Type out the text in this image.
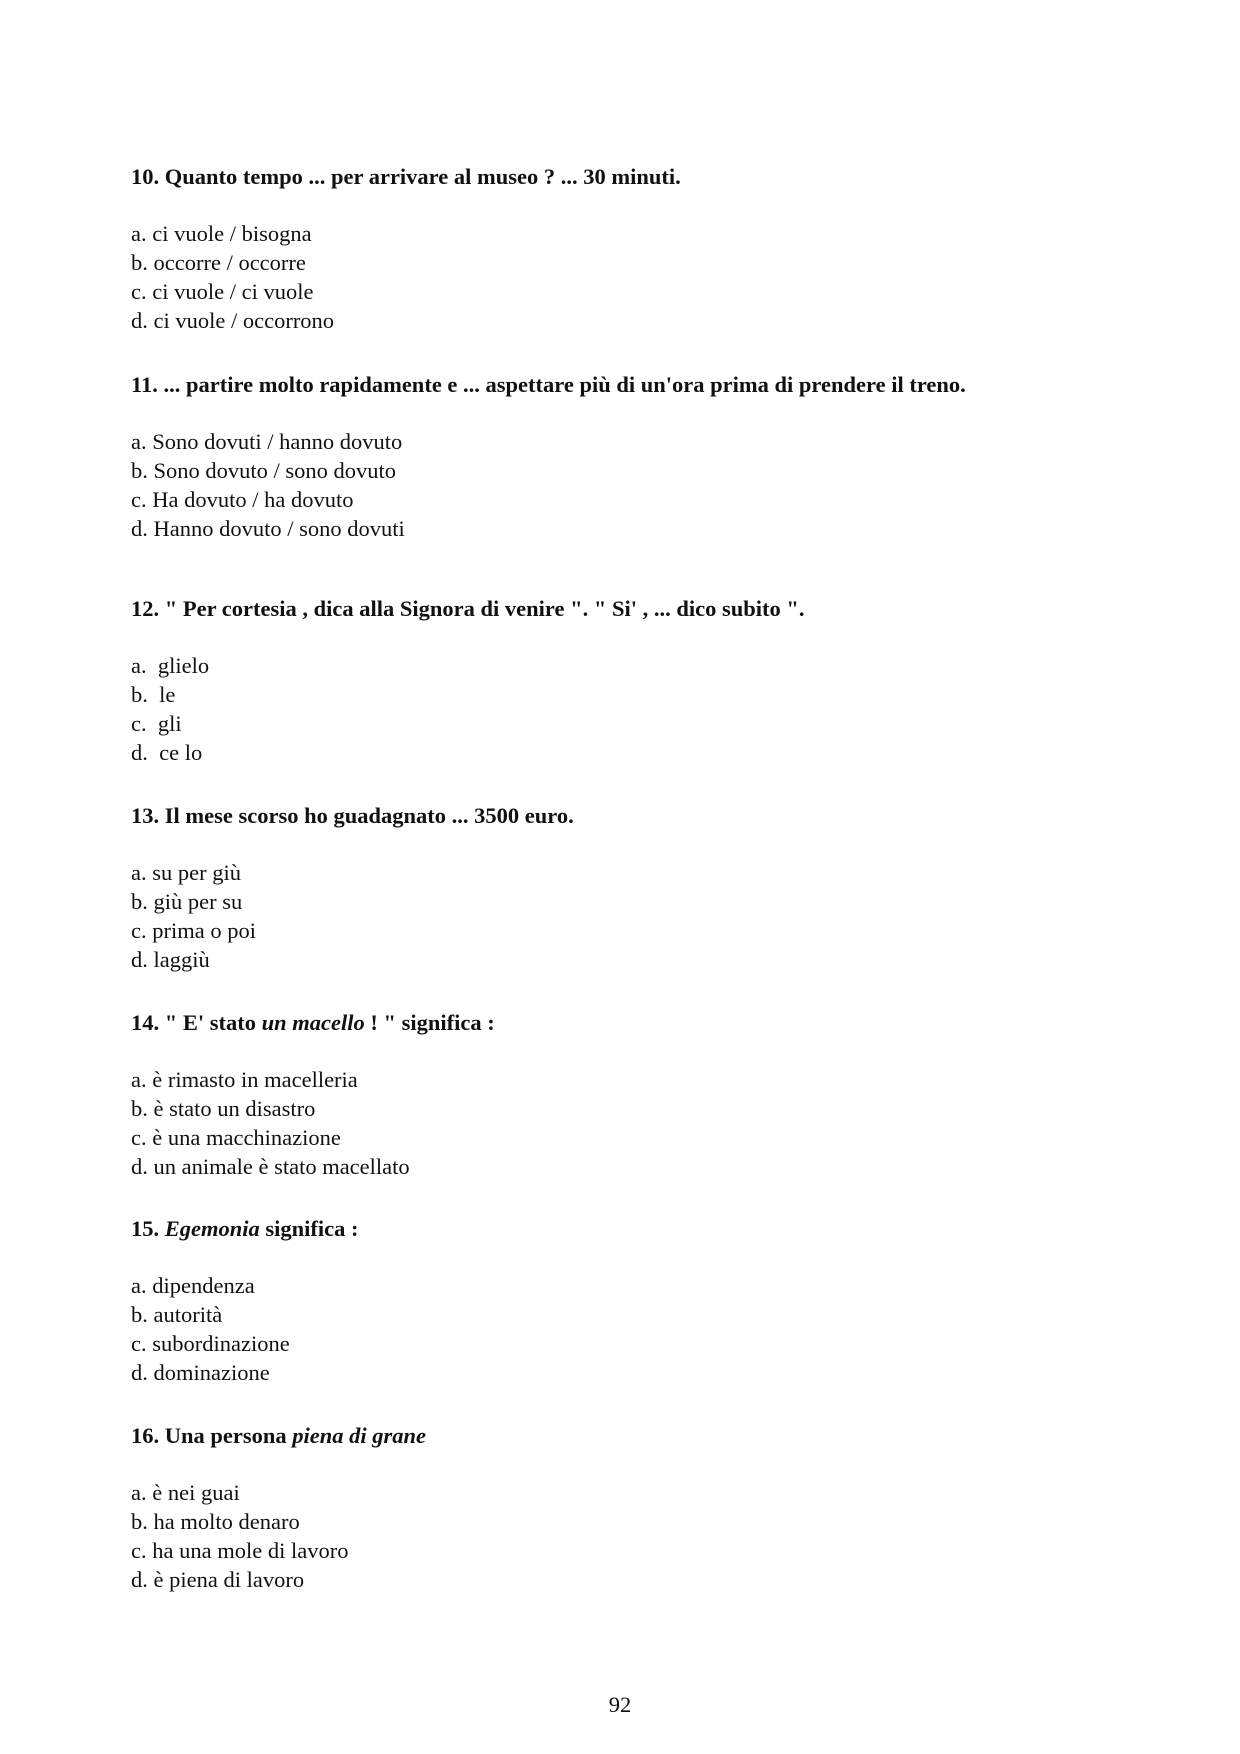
10. Quanto tempo ... per arrivare al museo ? ... 30 minuti.

a. ci vuole / bisogna
b. occorre / occorre
c. ci vuole / ci vuole
d. ci vuole / occorrono

11. ... partire molto rapidamente e ... aspettare più di un'ora prima di prendere il treno.

a. Sono dovuti / hanno dovuto
b. Sono dovuto / sono dovuto
c. Ha dovuto / ha dovuto
d. Hanno dovuto / sono dovuti

12. " Per cortesia , dica alla Signora di venire ". " Si' , ... dico subito ".

a. glielo
b. le
c. gli
d. ce lo

13. Il mese scorso ho guadagnato ... 3500 euro.

a. su per giù
b. giù per su
c. prima o poi
d. laggiù

14. " E' stato un macello ! " significa :

a. è rimasto in macelleria
b. è stato un disastro
c. è una macchinazione
d. un animale è stato macellato

15. Egemonia significa :

a. dipendenza
b. autorità
c. subordinazione
d. dominazione

16. Una persona piena di grane

a. è nei guai
b. ha molto denaro
c. ha una mole di lavoro
d. è piena di lavoro
92
